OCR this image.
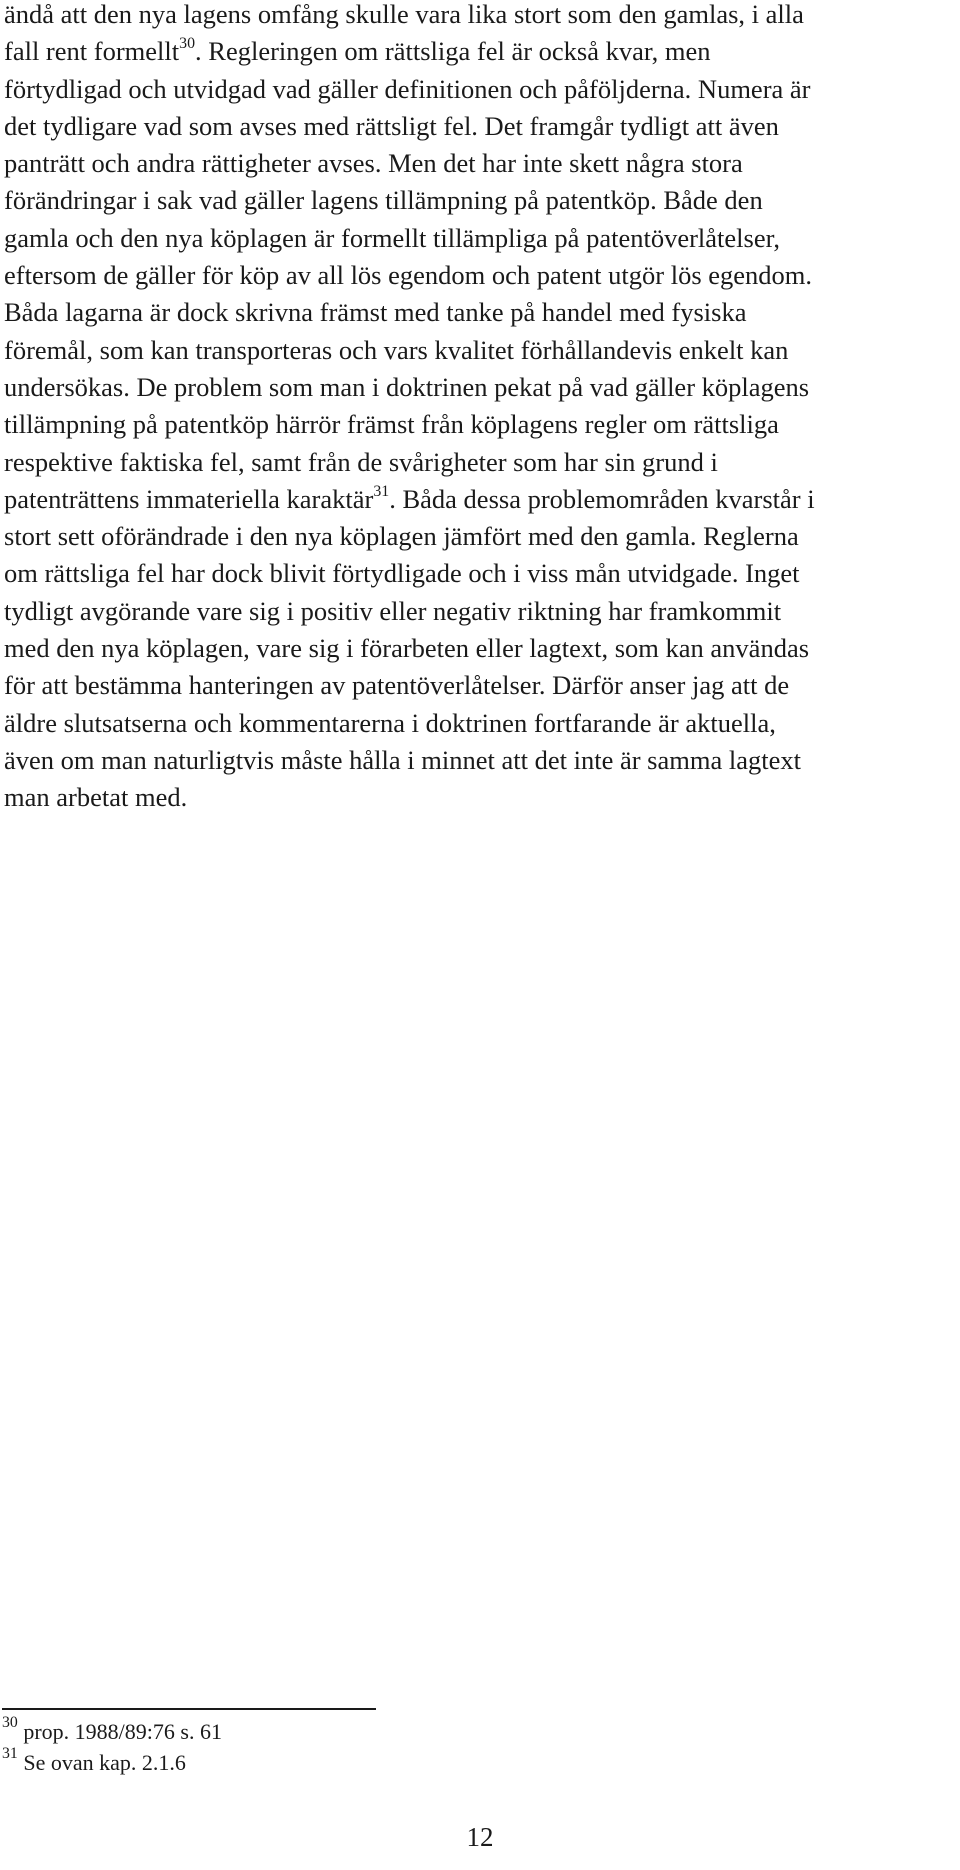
ändå att den nya lagens omfång skulle vara lika stort som den gamlas, i alla
fall rent formellt$^{30}$. Regleringen om rättsliga fel är också kvar, men
förtydligad och utvidgad vad gäller definitionen och påföljderna. Numera är
det tydligare vad som avses med rättsligt fel. Det framgår tydligt att även
panträtt och andra rättigheter avses. Men det har inte skett några stora
förändringar i sak vad gäller lagens tillämpning på patentköp. Både den
gamla och den nya köplagen är formellt tillämpliga på patentöverlåtelser,
eftersom de gäller för köp av all lös egendom och patent utgör lös egendom.
Båda lagarna är dock skrivna främst med tanke på handel med fysiska
föremål, som kan transporteras och vars kvalitet förhållandevis enkelt kan
undersökas. De problem som man i doktrinen pekat på vad gäller köplagens
tillämpning på patentköp härrör främst från köplagens regler om rättsliga
respektive faktiska fel, samt från de svårigheter som har sin grund i
patenträttens immateriella karaktär$^{31}$. Båda dessa problemområden kvarstår i
stort sett oförändrade i den nya köplagen jämfört med den gamla. Reglerna
om rättsliga fel har dock blivit förtydligade och i viss mån utvidgade. Inget
tydligt avgörande vare sig i positiv eller negativ riktning har framkommit
med den nya köplagen, vare sig i förarbeten eller lagtext, som kan användas
för att bestämma hanteringen av patentöverlåtelser. Därför anser jag att de
äldre slutsatserna och kommentarerna i doktrinen fortfarande är aktuella,
även om man naturligtvis måste hålla i minnet att det inte är samma lagtext
man arbetat med.
$^{30}$ prop. 1988/89:76 s. 61
$^{31}$ Se ovan kap. 2.1.6
12
